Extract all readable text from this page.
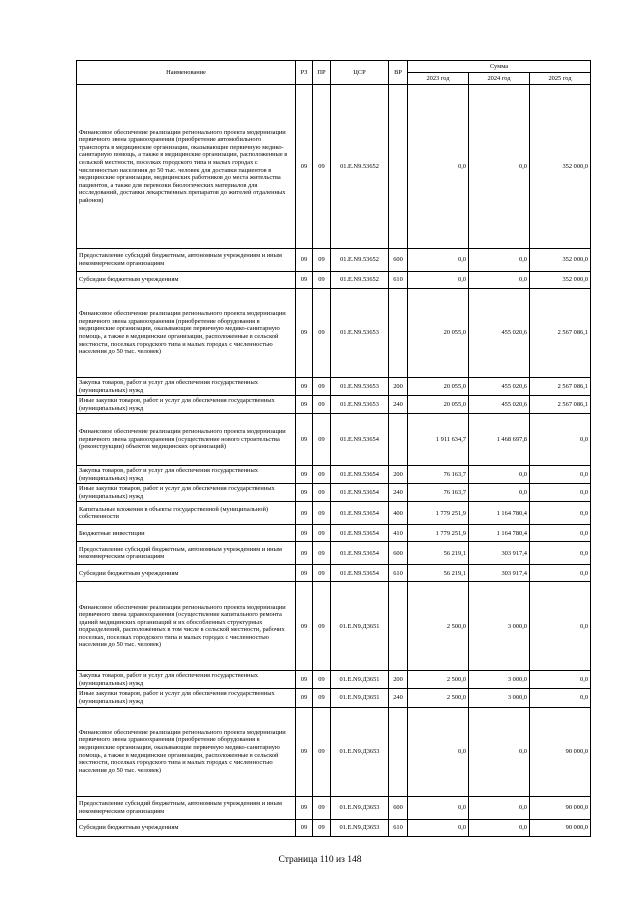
Наименование	РЗ	ПР	ЦСР	ВР	Сумма		
					2023 год	2024 год	2025 год
Финансовое обеспечение реализации регионального проекта модернизации первичного звена здравоохранения (приобретение автомобильного транспорта в медицинские организации, оказывающие первичную медико-санитарную помощь, а также в медицинские организации, расположенные в сельской местности, поселках городского типа и малых городах с численностью населения до 50 тыс. человек для доставки пациентов в медицинские организации, медицинских работников до места жительства пациентов, а также для перевозки биологических материалов для исследований, доставки лекарственных препаратов до жителей отдаленных районов)	09	09	01.Е.N9.53652		0,0	0,0	352 000,0
Предоставление субсидий бюджетным, автономным учреждениям и иным некоммерческим организациям	09	09	01.Е.N9.53652	600	0,0	0,0	352 000,0
Субсидии бюджетным учреждениям	09	09	01.Е.N9.53652	610	0,0	0,0	352 000,0
Финансовое обеспечение реализации регионального проекта модернизации первичного звена здравоохранения (приобретение оборудования в медицинские организации, оказывающие первичную медико-санитарную помощь, а также в медицинские организации, расположенные в сельской местности, поселках городского типа и малых городах с численностью населения до 50 тыс. человек)	09	09	01.Е.N9.53653		20 055,0	455 020,6	2 567 086,1
Закупка товаров, работ и услуг для обеспечения государственных (муниципальных) нужд	09	09	01.Е.N9.53653	200	20 055,0	455 020,6	2 567 086,1
Иные закупки товаров, работ и услуг для обеспечения государственных (муниципальных) нужд	09	09	01.Е.N9.53653	240	20 055,0	455 020,6	2 567 086,1
Финансовое обеспечение реализации регионального проекта модернизации первичного звена здравоохранения (осуществление нового строительства (реконструкции) объектов медицинских организаций)	09	09	01.Е.N9.53654		1 911 634,7	1 468 697,8	0,0
Закупка товаров, работ и услуг для обеспечения государственных (муниципальных) нужд	09	09	01.Е.N9.53654	200	76 163,7	0,0	0,0
Иные закупки товаров, работ и услуг для обеспечения государственных (муниципальных) нужд	09	09	01.Е.N9.53654	240	76 163,7	0,0	0,0
Капитальные вложения в объекты государственной (муниципальной) собственности	09	09	01.Е.N9.53654	400	1 779 251,9	1 164 780,4	0,0
Бюджетные инвестиции	09	09	01.Е.N9.53654	410	1 779 251,9	1 164 780,4	0,0
Предоставление субсидий бюджетным, автономным учреждениям и иным некоммерческим организациям	09	09	01.Е.N9.53654	600	56 219,1	303 917,4	0,0
Субсидии бюджетным учреждениям	09	09	01.Е.N9.53654	610	56 219,1	303 917,4	0,0
Финансовое обеспечение реализации регионального проекта модернизации первичного звена здравоохранения (осуществление капитального ремонта зданий медицинских организаций и их обособленных структурных подразделений, расположенных в том числе в сельской местности, рабочих поселках, поселках городского типа и малых городах с численностью населения до 50 тыс. человек)	09	09	01.Е.N9.Д3651		2 500,0	3 000,0	0,0
Закупка товаров, работ и услуг для обеспечения государственных (муниципальных) нужд	09	09	01.Е.N9.Д3651	200	2 500,0	3 000,0	0,0
Иные закупки товаров, работ и услуг для обеспечения государственных (муниципальных) нужд	09	09	01.Е.N9.Д3651	240	2 500,0	3 000,0	0,0
Финансовое обеспечение реализации регионального проекта модернизации первичного звена здравоохранения (приобретение оборудования в медицинские организации, оказывающие первичную медико-санитарную помощь, а также в медицинские организации, расположенные в сельской местности, поселках городского типа и малых городах с численностью населения до 50 тыс. человек)	09	09	01.Е.N9.Д3653		0,0	0,0	90 000,0
Предоставление субсидий бюджетным, автономным учреждениям и иным некоммерческим организациям	09	09	01.Е.N9.Д3653	600	0,0	0,0	90 000,0
Субсидии бюджетным учреждениям	09	09	01.Е.N9.Д3653	610	0,0	0,0	90 000,0
Страница 110 из 148
